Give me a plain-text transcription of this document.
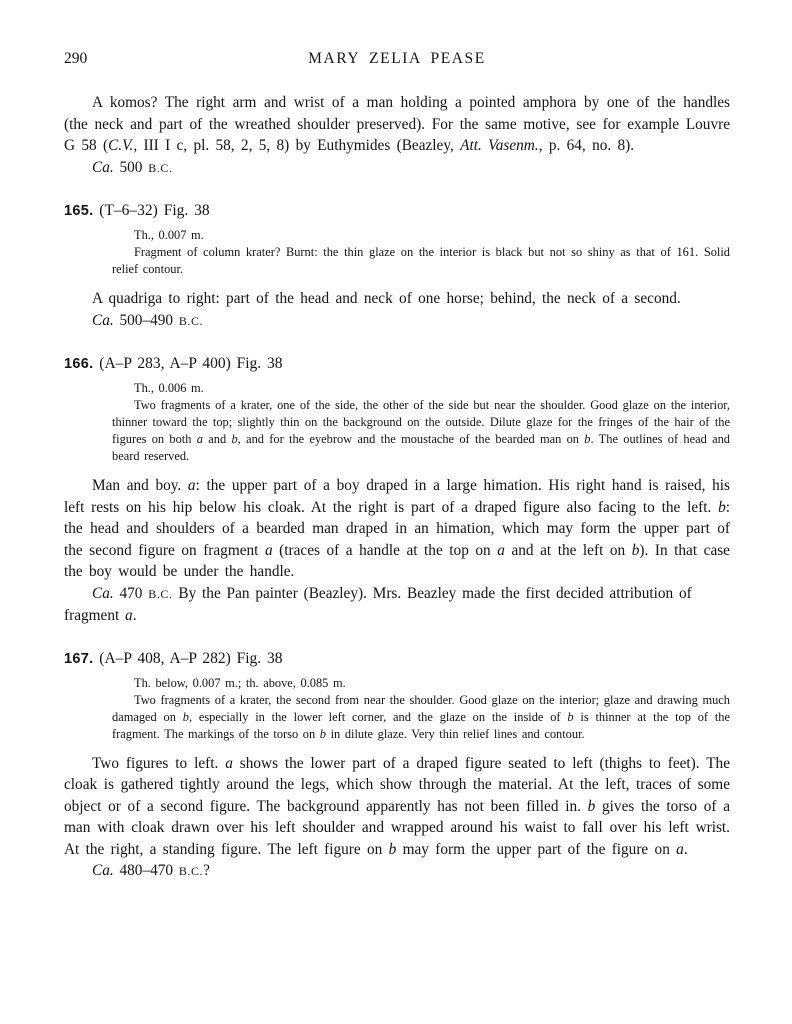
290	MARY ZELIA PEASE

A komos? The right arm and wrist of a man holding a pointed amphora by one of the handles (the neck and part of the wreathed shoulder preserved). For the same motive, see for example Louvre G 58 (C.V., III I c, pl. 58, 2, 5, 8) by Euthymides (Beazley, Att. Vasenm., p. 64, no. 8).

Ca. 500 B.C.

165. (T–6–32) Fig. 38

Th., 0.007 m.

Fragment of column krater? Burnt: the thin glaze on the interior is black but not so shiny as that of 161. Solid relief contour.

A quadriga to right: part of the head and neck of one horse; behind, the neck of a second.

Ca. 500–490 B.C.

166. (A–P 283, A–P 400) Fig. 38

Th., 0.006 m.

Two fragments of a krater, one of the side, the other of the side but near the shoulder. Good glaze on the interior, thinner toward the top; slightly thin on the background on the outside. Dilute glaze for the fringes of the hair of the figures on both a and b, and for the eyebrow and the moustache of the bearded man on b. The outlines of head and beard reserved.

Man and boy. a: the upper part of a boy draped in a large himation. His right hand is raised, his left rests on his hip below his cloak. At the right is part of a draped figure also facing to the left. b: the head and shoulders of a bearded man draped in an himation, which may form the upper part of the second figure on fragment a (traces of a handle at the top on a and at the left on b). In that case the boy would be under the handle.

Ca. 470 B.C. By the Pan painter (Beazley). Mrs. Beazley made the first decided attribution of fragment a.

167. (A–P 408, A–P 282) Fig. 38

Th. below, 0.007 m.; th. above, 0.085 m.

Two fragments of a krater, the second from near the shoulder. Good glaze on the interior; glaze and drawing much damaged on b, especially in the lower left corner, and the glaze on the inside of b is thinner at the top of the fragment. The markings of the torso on b in dilute glaze. Very thin relief lines and contour.

Two figures to left. a shows the lower part of a draped figure seated to left (thighs to feet). The cloak is gathered tightly around the legs, which show through the material. At the left, traces of some object or of a second figure. The background apparently has not been filled in. b gives the torso of a man with cloak drawn over his left shoulder and wrapped around his waist to fall over his left wrist. At the right, a standing figure. The left figure on b may form the upper part of the figure on a.

Ca. 480–470 B.C.?
